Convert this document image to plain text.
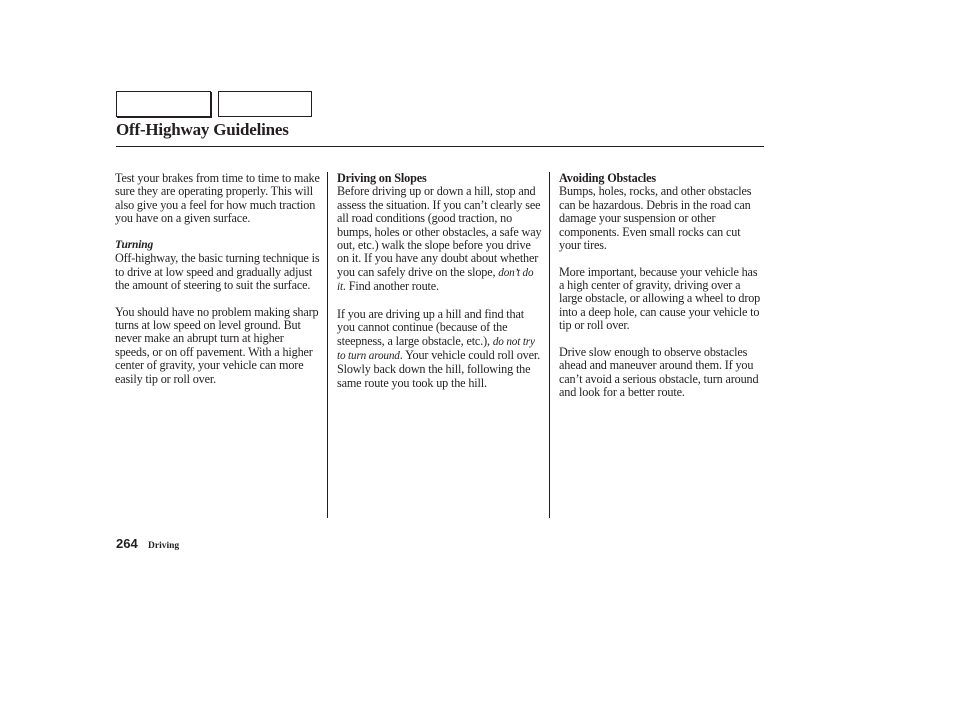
Off-Highway Guidelines

Test your brakes from time to time to make sure they are operating properly. This will also give you a feel for how much traction you have on a given surface.

Turning
Off-highway, the basic turning technique is to drive at low speed and gradually adjust the amount of steering to suit the surface.

You should have no problem making sharp turns at low speed on level ground. But never make an abrupt turn at higher speeds, or on off pavement. With a higher center of gravity, your vehicle can more easily tip or roll over.

Driving on Slopes
Before driving up or down a hill, stop and assess the situation. If you can’t clearly see all road conditions (good traction, no bumps, holes or other obstacles, a safe way out, etc.) walk the slope before you drive on it. If you have any doubt about whether you can safely drive on the slope, don’t do it. Find another route.

If you are driving up a hill and find that you cannot continue (because of the steepness, a large obstacle, etc.), do not try to turn around. Your vehicle could roll over. Slowly back down the hill, following the same route you took up the hill.

Avoiding Obstacles
Bumps, holes, rocks, and other obstacles can be hazardous. Debris in the road can damage your suspension or other components. Even small rocks can cut your tires.

More important, because your vehicle has a high center of gravity, driving over a large obstacle, or allowing a wheel to drop into a deep hole, can cause your vehicle to tip or roll over.

Drive slow enough to observe obstacles ahead and maneuver around them. If you can’t avoid a serious obstacle, turn around and look for a better route.

264 Driving
